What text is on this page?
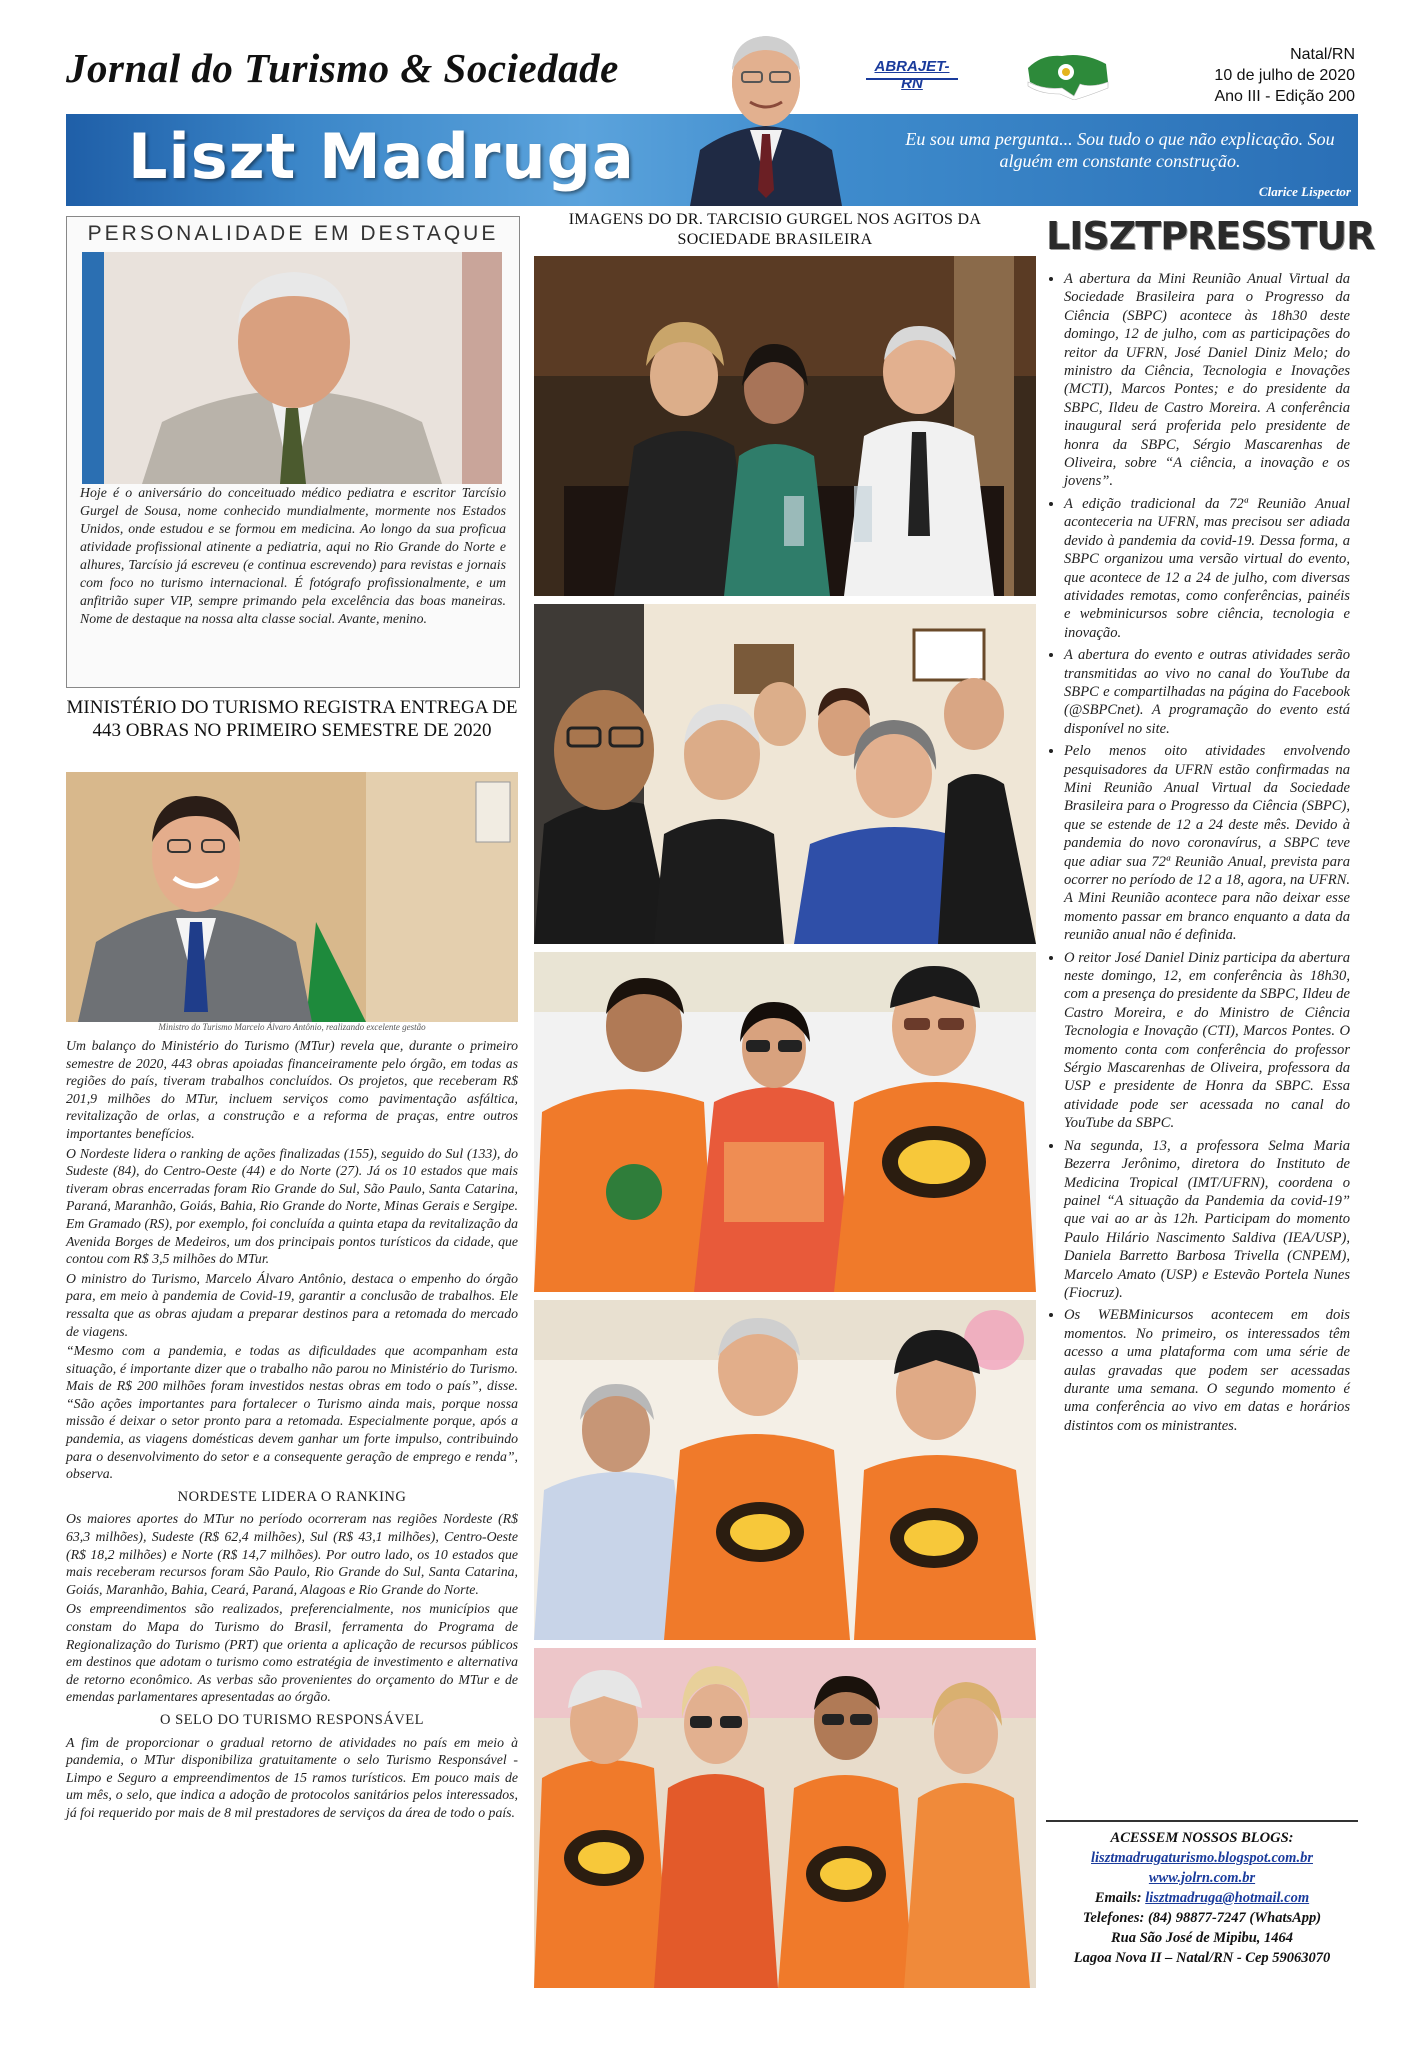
Jornal do Turismo & Sociedade	ABRAJET-RN
Natal/RN
10 de julho de 2020
Ano III - Edição 200
Liszt Madruga	Eu sou uma pergunta... Sou tudo o que não explicação. Sou alguém em constante construção.
Clarice Lispector
PERSONALIDADE EM DESTAQUE
Hoje é o aniversário do conceituado médico pediatra e escritor Tarcísio Gurgel de Sousa, nome conhecido mundialmente, mormente nos Estados Unidos, onde estudou e se formou em medicina. Ao longo da sua proficua atividade profissional atinente a pediatria, aqui no Rio Grande do Norte e alhures, Tarcísio já escreveu (e continua escrevendo) para revistas e jornais com foco no turismo internacional. É fotógrafo profissionalmente, e um anfitrião super VIP, sempre primando pela excelência das boas maneiras. Nome de destaque na nossa alta classe social. Avante, menino.
MINISTÉRIO DO TURISMO REGISTRA ENTREGA DE 443 OBRAS NO PRIMEIRO SEMESTRE DE 2020
Ministro do Turismo Marcelo Álvaro Antônio, realizando excelente gestão

Um balanço do Ministério do Turismo (MTur) revela que, durante o primeiro semestre de 2020, 443 obras apoiadas financeiramente pelo órgão, em todas as regiões do país, tiveram trabalhos concluídos. Os projetos, que receberam R$ 201,9 milhões do MTur, incluem serviços como pavimentação asfáltica, revitalização de orlas, a construção e a reforma de praças, entre outros importantes benefícios.

O Nordeste lidera o ranking de ações finalizadas (155), seguido do Sul (133), do Sudeste (84), do Centro-Oeste (44) e do Norte (27). Já os 10 estados que mais tiveram obras encerradas foram Rio Grande do Sul, São Paulo, Santa Catarina, Paraná, Maranhão, Goiás, Bahia, Rio Grande do Norte, Minas Gerais e Sergipe. Em Gramado (RS), por exemplo, foi concluída a quinta etapa da revitalização da Avenida Borges de Medeiros, um dos principais pontos turísticos da cidade, que contou com R$ 3,5 milhões do MTur.

O ministro do Turismo, Marcelo Álvaro Antônio, destaca o empenho do órgão para, em meio à pandemia de Covid-19, garantir a conclusão de trabalhos. Ele ressalta que as obras ajudam a preparar destinos para a retomada do mercado de viagens.

“Mesmo com a pandemia, e todas as dificuldades que acompanham esta situação, é importante dizer que o trabalho não parou no Ministério do Turismo. Mais de R$ 200 milhões foram investidos nestas obras em todo o país”, disse. “São ações importantes para fortalecer o Turismo ainda mais, porque nossa missão é deixar o setor pronto para a retomada. Especialmente porque, após a pandemia, as viagens domésticas devem ganhar um forte impulso, contribuindo para o desenvolvimento do setor e a consequente geração de emprego e renda”, observa.

NORDESTE LIDERA O RANKING

Os maiores aportes do MTur no período ocorreram nas regiões Nordeste (R$ 63,3 milhões), Sudeste (R$ 62,4 milhões), Sul (R$ 43,1 milhões), Centro-Oeste (R$ 18,2 milhões) e Norte (R$ 14,7 milhões). Por outro lado, os 10 estados que mais receberam recursos foram São Paulo, Rio Grande do Sul, Santa Catarina, Goiás, Maranhão, Bahia, Ceará, Paraná, Alagoas e Rio Grande do Norte.

Os empreendimentos são realizados, preferencialmente, nos municípios que constam do Mapa do Turismo do Brasil, ferramenta do Programa de Regionalização do Turismo (PRT) que orienta a aplicação de recursos públicos em destinos que adotam o turismo como estratégia de investimento e alternativa de retorno econômico. As verbas são provenientes do orçamento do MTur e de emendas parlamentares apresentadas ao órgão.

O SELO DO TURISMO RESPONSÁVEL

A fim de proporcionar o gradual retorno de atividades no país em meio à pandemia, o MTur disponibiliza gratuitamente o selo Turismo Responsável - Limpo e Seguro a empreendimentos de 15 ramos turísticos. Em pouco mais de um mês, o selo, que indica a adoção de protocolos sanitários pelos interessados, já foi requerido por mais de 8 mil prestadores de serviços da área de todo o país.

IMAGENS DO DR. TARCISIO GURGEL NOS AGITOS DA SOCIEDADE BRASILEIRA	LISZTPRESSTUR
• A abertura da Mini Reunião Anual Virtual da Sociedade Brasileira para o Progresso da Ciência (SBPC) acontece às 18h30 deste domingo, 12 de julho, com as participações do reitor da UFRN, José Daniel Diniz Melo; do ministro da Ciência, Tecnologia e Inovações (MCTI), Marcos Pontes; e do presidente da SBPC, Ildeu de Castro Moreira. A conferência inaugural será proferida pelo presidente de honra da SBPC, Sérgio Mascarenhas de Oliveira, sobre “A ciência, a inovação e os jovens”.
• A edição tradicional da 72ª Reunião Anual aconteceria na UFRN, mas precisou ser adiada devido à pandemia da covid-19. Dessa forma, a SBPC organizou uma versão virtual do evento, que acontece de 12 a 24 de julho, com diversas atividades remotas, como conferências, painéis e webminicursos sobre ciência, tecnologia e inovação.
• A abertura do evento e outras atividades serão transmitidas ao vivo no canal do YouTube da SBPC e compartilhadas na página do Facebook (@SBPCnet). A programação do evento está disponível no site.
• Pelo menos oito atividades envolvendo pesquisadores da UFRN estão confirmadas na Mini Reunião Anual Virtual da Sociedade Brasileira para o Progresso da Ciência (SBPC), que se estende de 12 a 24 deste mês. Devido à pandemia do novo coronavírus, a SBPC teve que adiar sua 72ª Reunião Anual, prevista para ocorrer no período de 12 a 18, agora, na UFRN. A Mini Reunião acontece para não deixar esse momento passar em branco enquanto a data da reunião anual não é definida.
• O reitor José Daniel Diniz participa da abertura neste domingo, 12, em conferência às 18h30, com a presença do presidente da SBPC, Ildeu de Castro Moreira, e do Ministro de Ciência Tecnologia e Inovação (CTI), Marcos Pontes. O momento conta com conferência do professor Sérgio Mascarenhas de Oliveira, professora da USP e presidente de Honra da SBPC. Essa atividade pode ser acessada no canal do YouTube da SBPC.
• Na segunda, 13, a professora Selma Maria Bezerra Jerônimo, diretora do Instituto de Medicina Tropical (IMT/UFRN), coordena o painel “A situação da Pandemia da covid-19” que vai ao ar às 12h. Participam do momento Paulo Hilário Nascimento Saldiva (IEA/USP), Daniela Barretto Barbosa Trivella (CNPEM), Marcelo Amato (USP) e Estevão Portela Nunes (Fiocruz).
• Os WEBMinicursos acontecem em dois momentos. No primeiro, os interessados têm acesso a uma plataforma com uma série de aulas gravadas que podem ser acessadas durante uma semana. O segundo momento é uma conferência ao vivo em datas e horários distintos com os ministrantes.
ACESSEM NOSSOS BLOGS:
lisztmadrugaturismo.blogspot.com.br
www.jolrn.com.br
Emails: lisztmadruga@hotmail.com
Telefones: (84) 98877-7247 (WhatsApp)
Rua São José de Mipibu, 1464
Lagoa Nova II – Natal/RN - Cep 59063070
